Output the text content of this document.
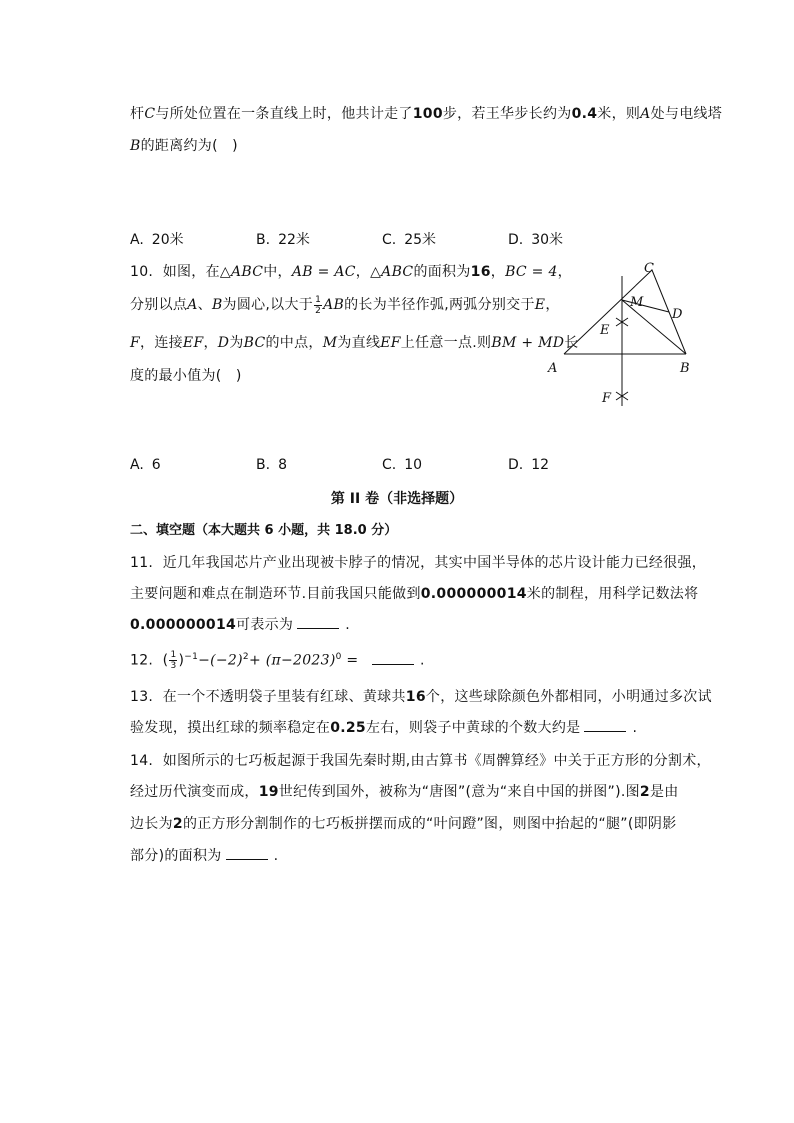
杆C与所处位置在一条直线上时，他共计走了100步，若王华步长约为0.4米，则A处与电线塔
B的距离约为(　)
A. 20米	B. 22米	C. 25米	D. 30米
10. 如图，在△ABC中，AB = AC，△ABC的面积为16，BC = 4，
分别以点A、B为圆心,以大于 $\frac{1}{2}$ AB的长为半径作弧,两弧分别交于E，
F，连接EF，D为BC的中点，M为直线EF上任意一点.则BM + MD长
度的最小值为(　)	A	B
C
D
E
F
M
A. 6	B. 8	C. 10	D. 12
第 II 卷（非选择题）
二、填空题（本大题共 6 小题，共 18.0 分）
11. 近几年我国芯片产业出现被卡脖子的情况，其实中国半导体的芯片设计能力已经很强，
主要问题和难点在制造环节.目前我国只能做到0.000000014米的制程，用科学记数法将
0.000000014可表示为	.
12.  ( $\frac{1}{3} )^{-1}-(-2)^2+ (\pi-2023)^0$ =	.
13. 在一个不透明袋子里装有红球、黄球共16个，这些球除颜色外都相同，小明通过多次试
验发现，摸出红球的频率稳定在0.25左右，则袋子中黄球的个数大约是	.
14. 如图所示的七巧板起源于我国先秦时期,由古算书《周髀算经》中关于正方形的分割术，
经过历代演变而成，19世纪传到国外，被称为“唐图”(意为“来自中国的拼图”).图2是由
边长为2的正方形分割制作的七巧板拼摆而成的“叶问蹬”图，则图中抬起的“腿”(即阴影
部分)的面积为	.
